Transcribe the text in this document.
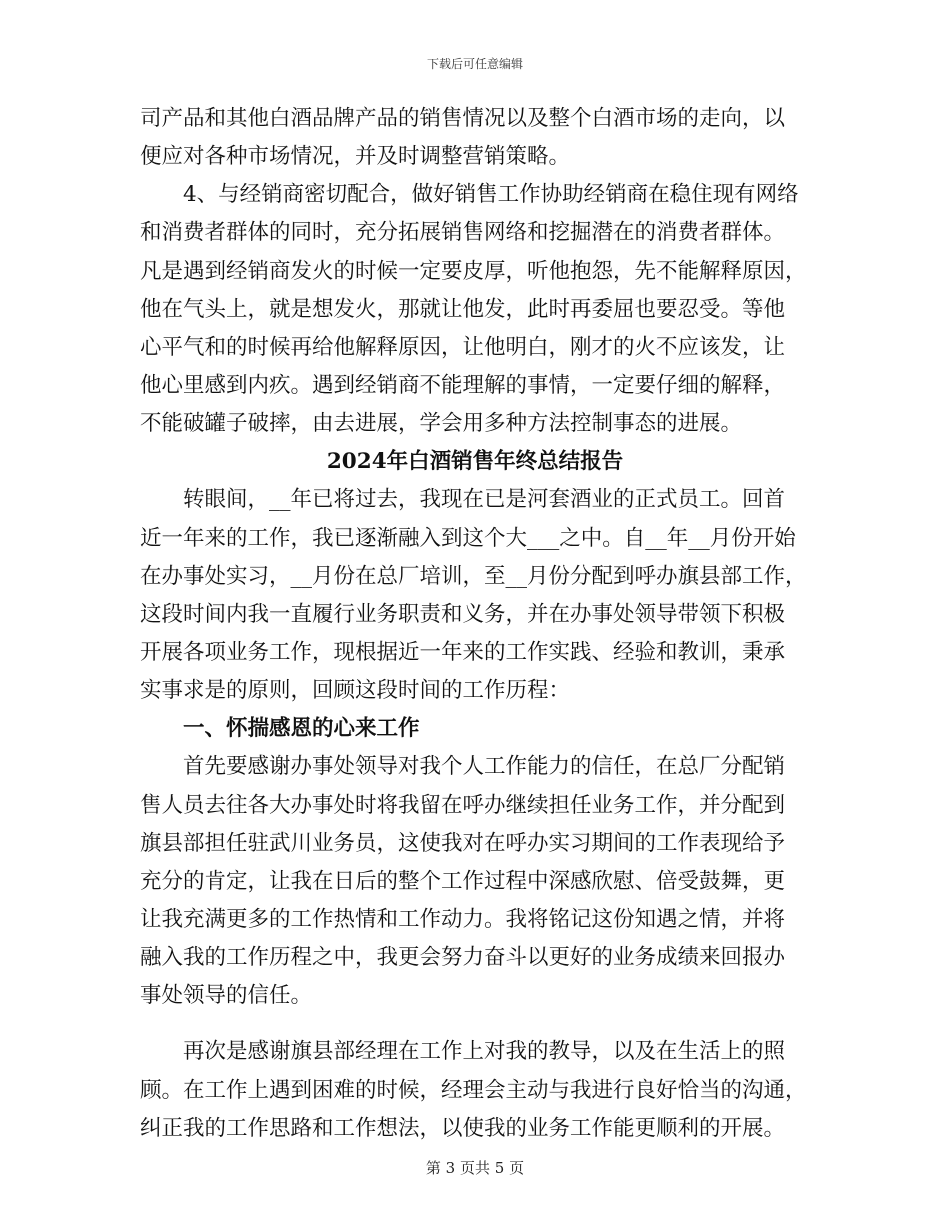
下载后可任意编辑
司产品和其他白酒品牌产品的销售情况以及整个白酒市场的走向，以
便应对各种市场情况，并及时调整营销策略。
4、与经销商密切配合，做好销售工作协助经销商在稳住现有网络
和消费者群体的同时，充分拓展销售网络和挖掘潜在的消费者群体。
凡是遇到经销商发火的时候一定要皮厚，听他抱怨，先不能解释原因，
他在气头上，就是想发火，那就让他发，此时再委屈也要忍受。等他
心平气和的时候再给他解释原因，让他明白，刚才的火不应该发，让
他心里感到内疚。遇到经销商不能理解的事情，一定要仔细的解释，
不能破罐子破摔，由去进展，学会用多种方法控制事态的进展。
2024年白酒销售年终总结报告
转眼间，__年已将过去，我现在已是河套酒业的正式员工。回首
近一年来的工作，我已逐渐融入到这个大___之中。自__年__月份开始
在办事处实习，__月份在总厂培训，至__月份分配到呼办旗县部工作，
这段时间内我一直履行业务职责和义务，并在办事处领导带领下积极
开展各项业务工作，现根据近一年来的工作实践、经验和教训，秉承
实事求是的原则，回顾这段时间的工作历程：
一、怀揣感恩的心来工作
首先要感谢办事处领导对我个人工作能力的信任，在总厂分配销
售人员去往各大办事处时将我留在呼办继续担任业务工作，并分配到
旗县部担任驻武川业务员，这使我对在呼办实习期间的工作表现给予
充分的肯定，让我在日后的整个工作过程中深感欣慰、倍受鼓舞，更
让我充满更多的工作热情和工作动力。我将铭记这份知遇之情，并将
融入我的工作历程之中，我更会努力奋斗以更好的业务成绩来回报办
事处领导的信任。
再次是感谢旗县部经理在工作上对我的教导，以及在生活上的照
顾。在工作上遇到困难的时候，经理会主动与我进行良好恰当的沟通，
纠正我的工作思路和工作想法，以使我的业务工作能更顺利的开展。
第 3 页共 5 页
